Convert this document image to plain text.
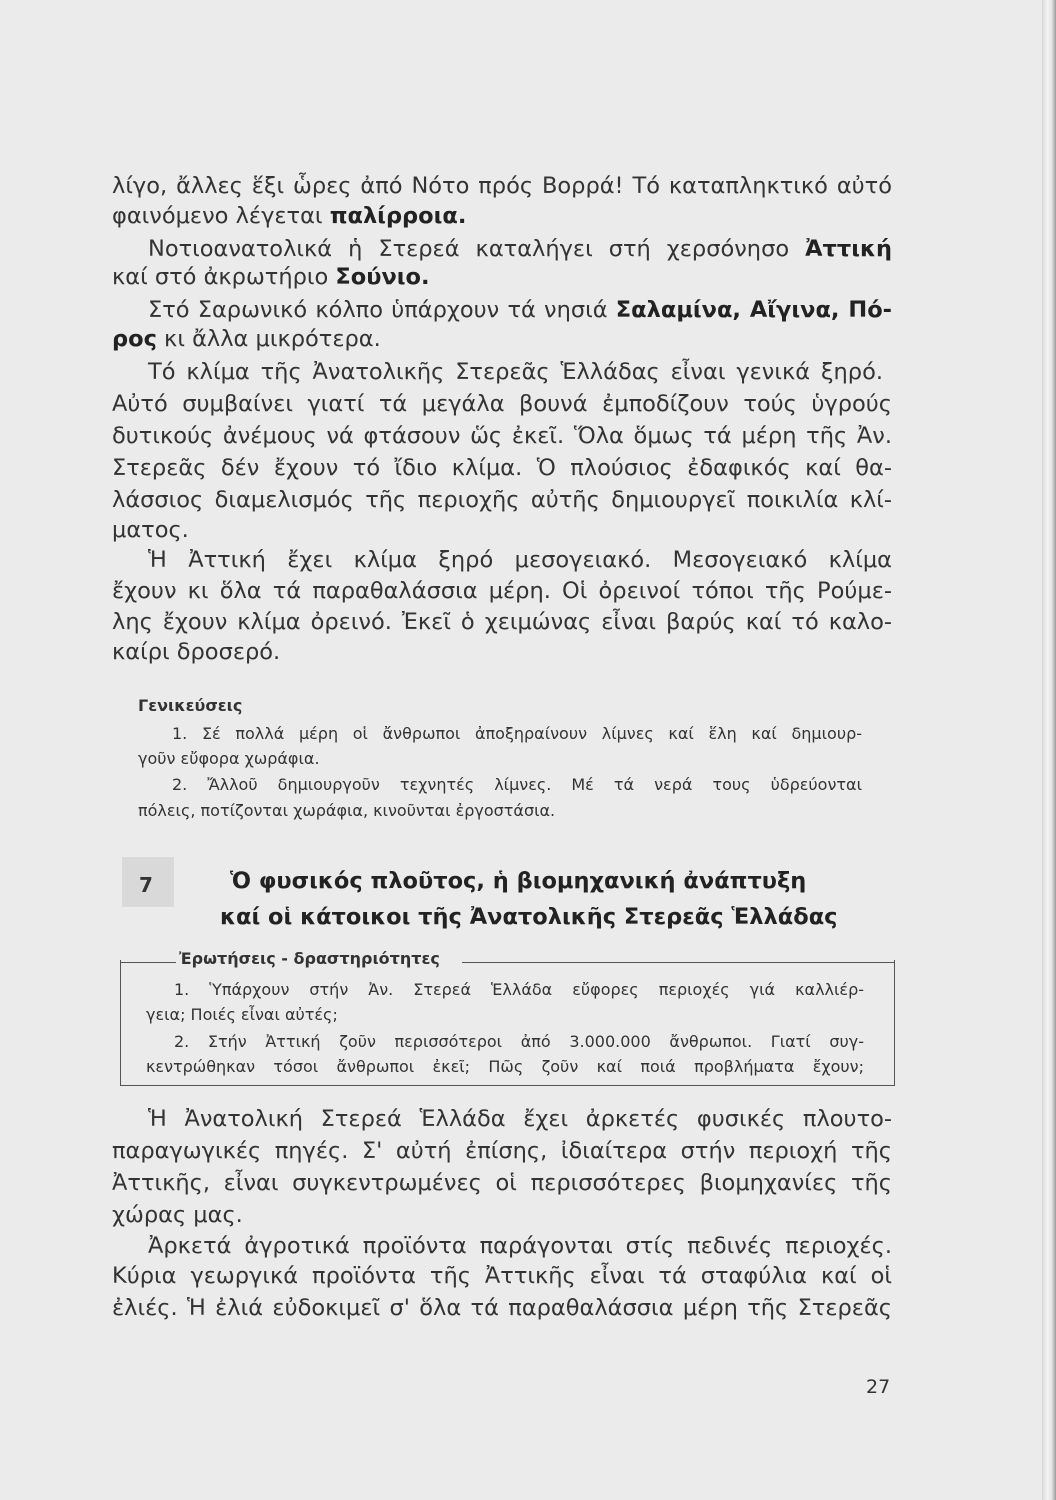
λίγο, ἄλλες ἕξι ὧρες ἀπό Νότο πρός Βορρά! Τό καταπληκτικό αὐτό
φαινόμενο λέγεται παλίρροια.
Νοτιοανατολικά ἡ Στερεά καταλήγει στή χερσόνησο Ἀττική
καί στό ἀκρωτήριο Σούνιο.
Στό Σαρωνικό κόλπο ὑπάρχουν τά νησιά Σαλαμίνα, Αἴγινα, Πό-
ρος κι ἄλλα μικρότερα.
Τό κλίμα τῆς Ἀνατολικῆς Στερεᾶς Ἑλλάδας εἶναι γενικά ξηρό.
Αὐτό συμβαίνει γιατί τά μεγάλα βουνά ἐμποδίζουν τούς ὑγρούς
δυτικούς ἀνέμους νά φτάσουν ὥς ἐκεῖ. Ὅλα ὅμως τά μέρη τῆς Ἀν.
Στερεᾶς δέν ἔχουν τό ἴδιο κλίμα. Ὁ πλούσιος ἐδαφικός καί θα-
λάσσιος διαμελισμός τῆς περιοχῆς αὐτῆς δημιουργεῖ ποικιλία κλί-
ματος.
Ἡ Ἀττική ἔχει κλίμα ξηρό μεσογειακό. Μεσογειακό κλίμα
ἔχουν κι ὅλα τά παραθαλάσσια μέρη. Οἱ ὀρεινοί τόποι τῆς Ρούμε-
λης ἔχουν κλίμα ὀρεινό. Ἐκεῖ ὁ χειμώνας εἶναι βαρύς καί τό καλο-
καίρι δροσερό.
Γενικεύσεις
1. Σέ πολλά μέρη οἱ ἄνθρωποι ἀποξηραίνουν λίμνες καί ἕλη καί δημιουρ-
γοῦν εὔφορα χωράφια.
2. Ἄλλοῦ δημιουργοῦν τεχνητές λίμνες. Μέ τά νερά τους ὑδρεύονται
πόλεις, ποτίζονται χωράφια, κινοῦνται ἐργοστάσια.
7	Ὁ φυσικός πλοῦτος, ἡ βιομηχανική ἀνάπτυξη
καί οἱ κάτοικοι τῆς Ἀνατολικῆς Στερεᾶς Ἑλλάδας
Ἐρωτήσεις - δραστηριότητες
1. Ὑπάρχουν στήν Ἀν. Στερεά Ἑλλάδα εὔφορες περιοχές γιά καλλιέρ-
γεια; Ποιές εἶναι αὐτές;
2. Στήν Ἀττική ζοῦν περισσότεροι ἀπό 3.000.000 ἄνθρωποι. Γιατί συγ-
κεντρώθηκαν τόσοι ἄνθρωποι ἐκεῖ; Πῶς ζοῦν καί ποιά προβλήματα ἔχουν;
Ἡ Ἀνατολική Στερεά Ἑλλάδα ἔχει ἀρκετές φυσικές πλουτο-
παραγωγικές πηγές. Σ' αὐτή ἐπίσης, ἰδιαίτερα στήν περιοχή τῆς
Ἀττικῆς, εἶναι συγκεντρωμένες οἱ περισσότερες βιομηχανίες τῆς
χώρας μας.
Ἀρκετά ἀγροτικά προϊόντα παράγονται στίς πεδινές περιοχές.
Κύρια γεωργικά προϊόντα τῆς Ἀττικῆς εἶναι τά σταφύλια καί οἱ
ἐλιές. Ἡ ἐλιά εὐδοκιμεῖ σ' ὅλα τά παραθαλάσσια μέρη τῆς Στερεᾶς
27
